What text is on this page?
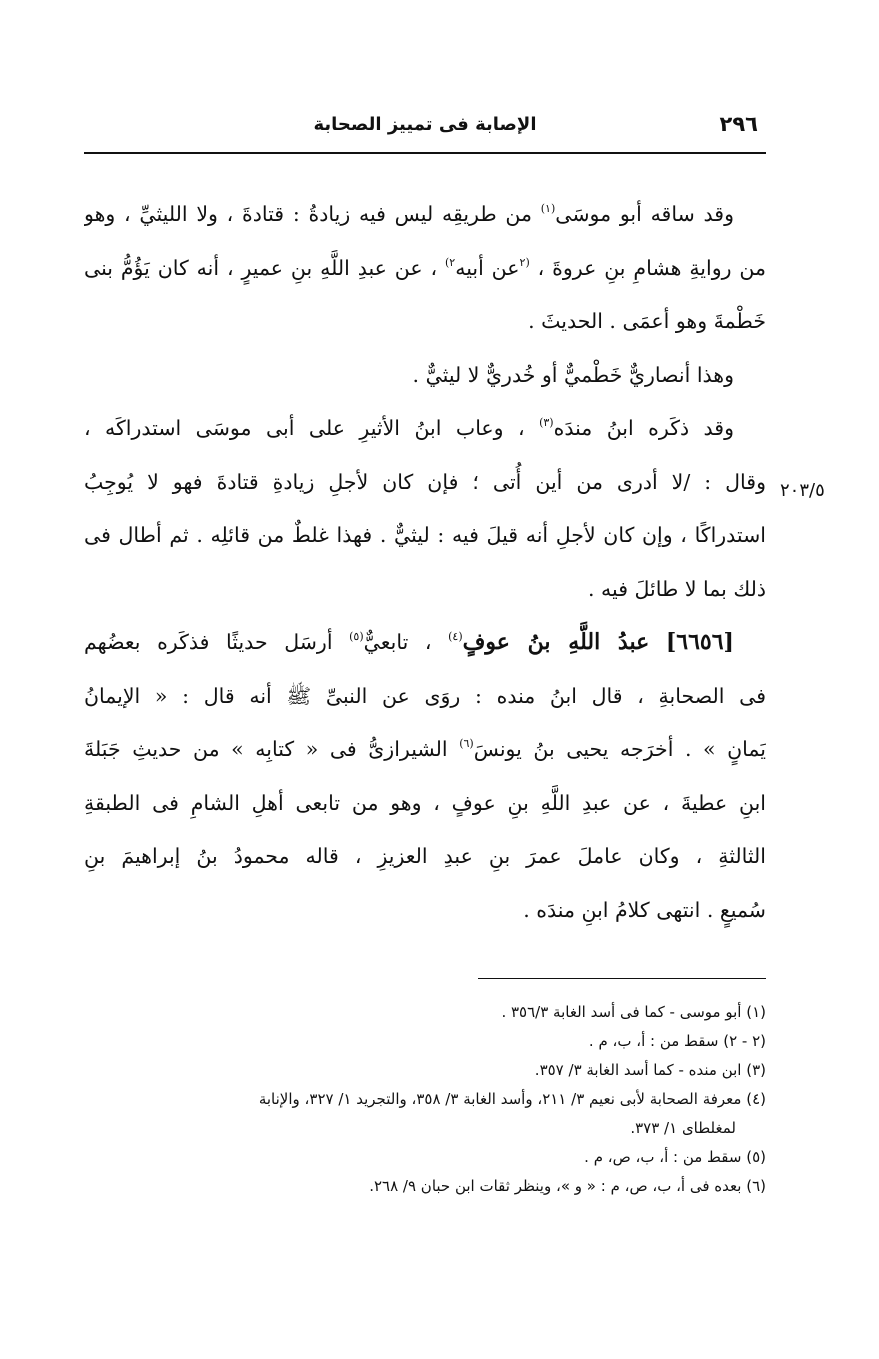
٢٩٦
الإصابة فى تمييز الصحابة
٢٠٣/٥
وقد ساقه أبو موسَى$^{(١)}$ من طريقِه ليس فيه زيادةُ : قتادةَ ، ولا الليثيِّ ، وهو
من روايةِ هشامِ بنِ عروةَ ، $^{(٢}$عن أبيه$^{٢)}$ ، عن عبدِ اللَّهِ بنِ عميرٍ ، أنه كان يَؤُمُّ بنى
خَطْمةَ وهو أعمَى . الحديثَ .
وهذا أنصاريٌّ خَطْميٌّ أو خُدريٌّ لا ليثيٌّ .
وقد ذكَره ابنُ مندَه$^{(٣)}$ ، وعاب ابنُ الأثيرِ على أبى موسَى استدراكَه ،
وقال : /لا أدرى من أين أُتى ؛ فإن كان لأجلِ زيادةِ قتادةَ فهو لا يُوجِبُ
استدراكًا ، وإن كان لأجلِ أنه قيلَ فيه : ليثيٌّ . فهذا غلطٌ من قائلِه . ثم أطال فى
ذلك بما لا طائلَ فيه .
[٦٦٥٦] عبدُ اللَّهِ بنُ عوفٍ$^{(٤)}$ ، تابعيٌّ$^{(٥)}$ أرسَل حديثًا فذكَره بعضُهم
فى الصحابةِ ، قال ابنُ منده : روَى عن النبىِّ ﷺ أنه قال : « الإيمانُ
يَمانٍ » . أخرَجه يحيى بنُ يونسَ$^{(٦)}$ الشيرازىُّ فى « كتابِه » من حديثِ جَبَلةَ
ابنِ عطيةَ ، عن عبدِ اللَّهِ بنِ عوفٍ ، وهو من تابعى أهلِ الشامِ فى الطبقةِ
الثالثةِ ، وكان عاملَ عمرَ بنِ عبدِ العزيزِ ، قاله محمودُ بنُ إبراهيمَ بنِ
سُميعٍ . انتهى كلامُ ابنِ مندَه .

(١) أبو موسى - كما فى أسد الغابة ٣٥٦/٣ .

(٢ - ٢) سقط من : أ، ب، م .

(٣) ابن منده - كما أسد الغابة ٣/ ٣٥٧.

(٤) معرفة الصحابة لأبى نعيم ٣/ ٢١١، وأسد الغابة ٣/ ٣٥٨، والتجريد ١/ ٣٢٧، والإنابة

لمغلطاى ١/ ٣٧٣.

(٥) سقط من : أ، ب، ص، م .

(٦) بعده فى أ، ب، ص، م : « و »، وينظر ثقات ابن حبان ٩/ ٢٦٨.
